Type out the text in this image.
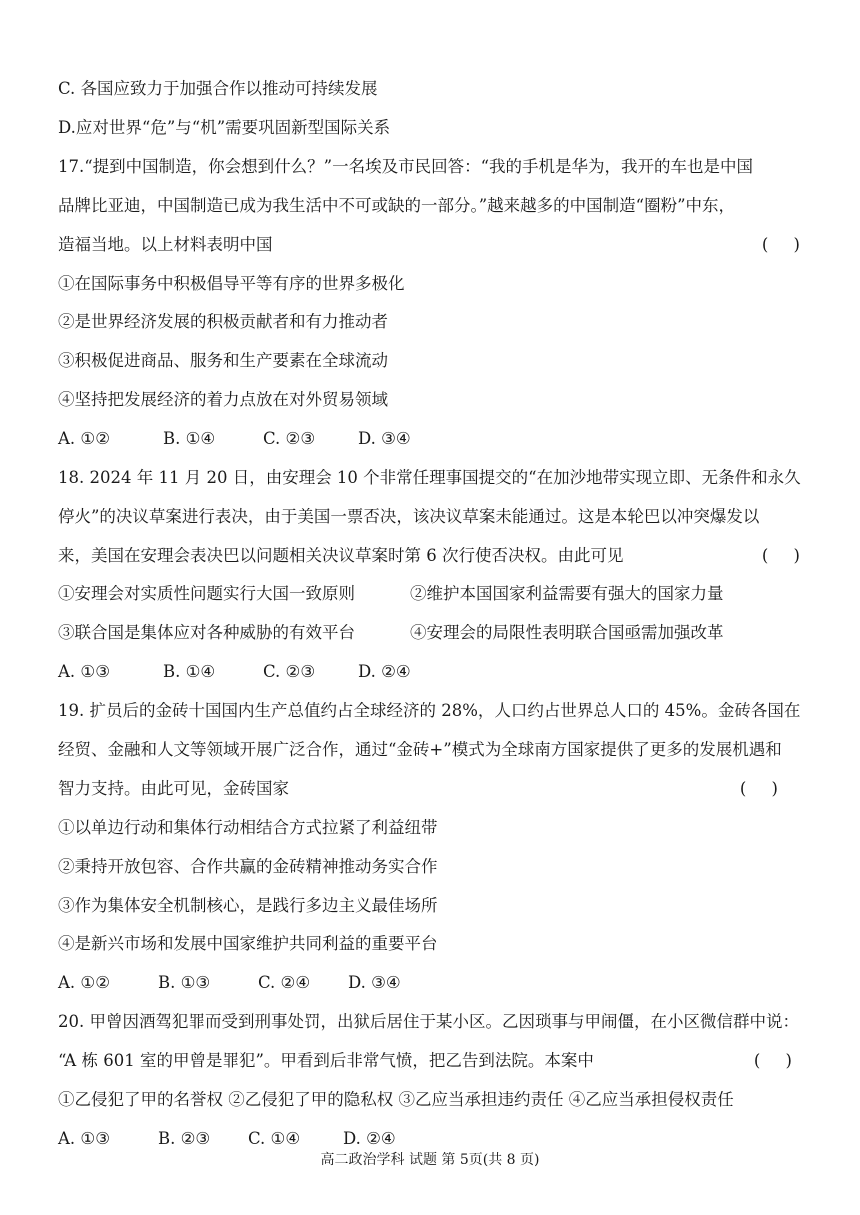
C. 各国应致力于加强合作以推动可持续发展
D.应对世界“危”与“机”需要巩固新型国际关系
17.“提到中国制造，你会想到什么？”一名埃及市民回答：“我的手机是华为，我开的车也是中国
品牌比亚迪，中国制造已成为我生活中不可或缺的一部分。”越来越多的中国制造“圈粉”中东，
造福当地。以上材料表明中国	( )
①在国际事务中积极倡导平等有序的世界多极化
②是世界经济发展的积极贡献者和有力推动者
③积极促进商品、服务和生产要素在全球流动
④坚持把发展经济的着力点放在对外贸易领域
A. ①②	B. ①④	C. ②③	D. ③④
18. 2024 年 11 月 20 日，由安理会 10 个非常任理事国提交的“在加沙地带实现立即、无条件和永久
停火”的决议草案进行表决，由于美国一票否决，该决议草案未能通过。这是本轮巴以冲突爆发以
来，美国在安理会表决巴以问题相关决议草案时第 6 次行使否决权。由此可见	( )
①安理会对实质性问题实行大国一致原则	②维护本国国家利益需要有强大的国家力量
③联合国是集体应对各种威胁的有效平台	④安理会的局限性表明联合国亟需加强改革
A. ①③	B. ①④	C. ②③	D. ②④
19. 扩员后的金砖十国国内生产总值约占全球经济的 28%，人口约占世界总人口的 45%。金砖各国在
经贸、金融和人文等领域开展广泛合作，通过“金砖+”模式为全球南方国家提供了更多的发展机遇和
智力支持。由此可见，金砖国家	( )
①以单边行动和集体行动相结合方式拉紧了利益纽带
②秉持开放包容、合作共赢的金砖精神推动务实合作
③作为集体安全机制核心，是践行多边主义最佳场所
④是新兴市场和发展中国家维护共同利益的重要平台
A. ①②	B. ①③	C. ②④ D. ③④
20. 甲曾因酒驾犯罪而受到刑事处罚，出狱后居住于某小区。乙因琐事与甲闹僵，在小区微信群中说：
“A 栋 601 室的甲曾是罪犯”。甲看到后非常气愤，把乙告到法院。本案中	( )
①乙侵犯了甲的名誉权 ②乙侵犯了甲的隐私权 ③乙应当承担违约责任 ④乙应当承担侵权责任
A. ①③	B. ②③ C. ①④	D. ②④
高二政治学科 试题 第 5页(共 8 页)
